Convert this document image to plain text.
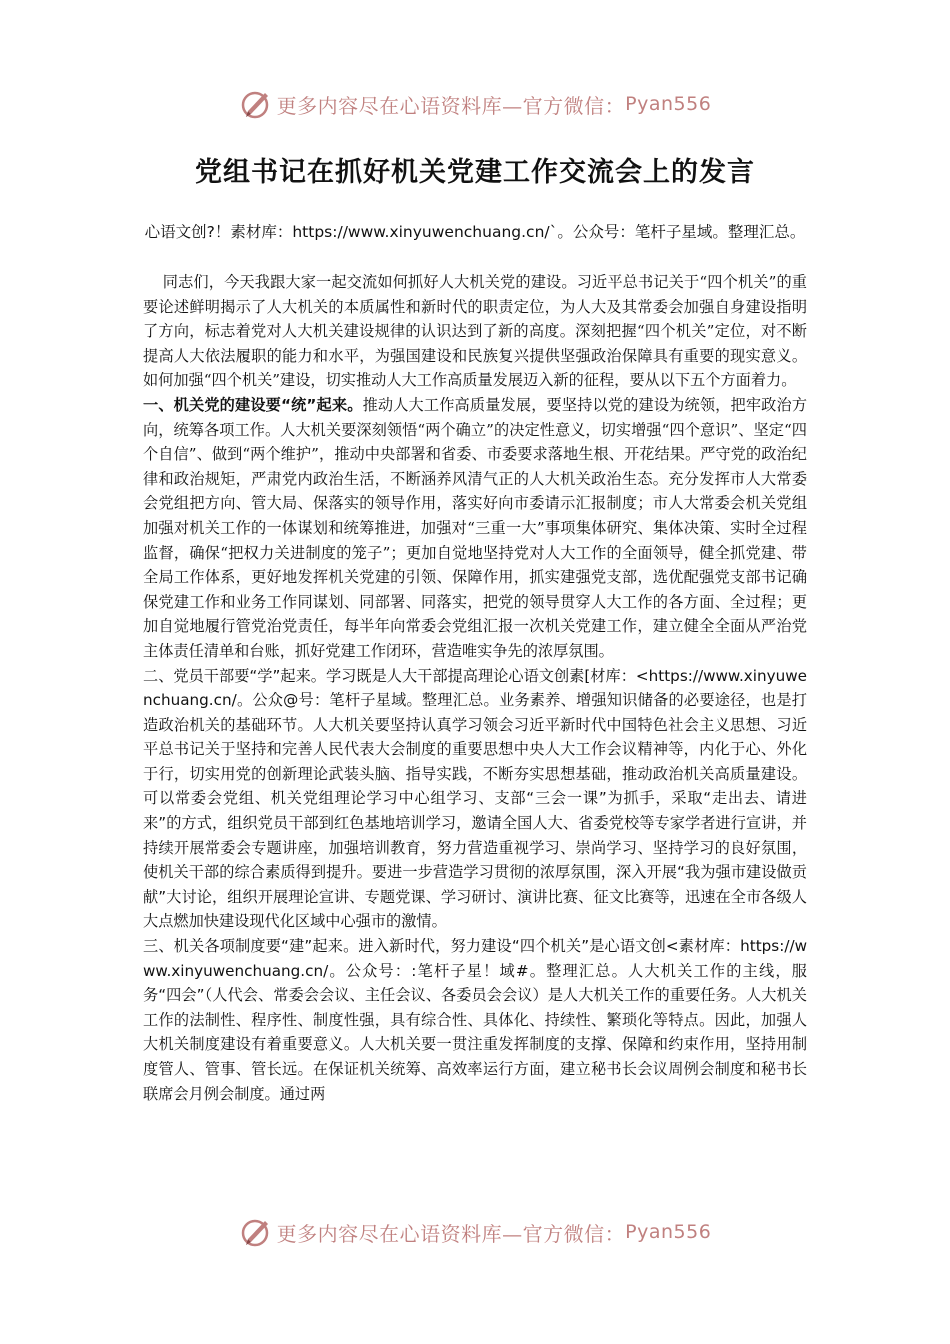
更多内容尽在心语资料库—官方微信： Pyan556
党组书记在抓好机关党建工作交流会上的发言
心语文创?！素材库：https://www.xinyuwenchuang.cn/`。公众号：笔杆子星域。整理汇总。

同志们，今天我跟大家一起交流如何抓好人大机关党的建设。习近平总书记关于“四个机关”的重要论述鲜明揭示了人大机关的本质属性和新时代的职责定位，为人大及其常委会加强自身建设指明了方向，标志着党对人大机关建设规律的认识达到了新的高度。深刻把握“四个机关”定位，对不断提高人大依法履职的能力和水平，为强国建设和民族复兴提供坚强政治保障具有重要的现实意义。如何加强“四个机关”建设，切实推动人大工作高质量发展迈入新的征程，要从以下五个方面着力。

一、机关党的建设要“统”起来。推动人大工作高质量发展，要坚持以党的建设为统领，把牢政治方向，统筹各项工作。人大机关要深刻领悟“两个确立”的决定性意义，切实增强“四个意识”、坚定“四个自信”、做到“两个维护”，推动中央部署和省委、市委要求落地生根、开花结果。严守党的政治纪律和政治规矩，严肃党内政治生活，不断涵养风清气正的人大机关政治生态。充分发挥市人大常委会党组把方向、管大局、保落实的领导作用，落实好向市委请示汇报制度；市人大常委会机关党组加强对机关工作的一体谋划和统筹推进，加强对“三重一大”事项集体研究、集体决策、实时全过程监督，确保“把权力关进制度的笼子”；更加自觉地坚持党对人大工作的全面领导，健全抓党建、带全局工作体系，更好地发挥机关党建的引领、保障作用，抓实建强党支部，选优配强党支部书记确保党建工作和业务工作同谋划、同部署、同落实，把党的领导贯穿人大工作的各方面、全过程；更加自觉地履行管党治党责任，每半年向常委会党组汇报一次机关党建工作，建立健全全面从严治党主体责任清单和台账，抓好党建工作闭环，营造唯实争先的浓厚氛围。

二、党员干部要“学”起来。学习既是人大干部提高理论心语文创素[材库：<https://www.xinyuwenchuang.cn/。公众@号：笔杆子星域。整理汇总。业务素养、增强知识储备的必要途径，也是打造政治机关的基础环节。人大机关要坚持认真学习领会习近平新时代中国特色社会主义思想、习近平总书记关于坚持和完善人民代表大会制度的重要思想中央人大工作会议精神等，内化于心、外化于行，切实用党的创新理论武装头脑、指导实践，不断夯实思想基础，推动政治机关高质量建设。可以常委会党组、机关党组理论学习中心组学习、支部“三会一课”为抓手，采取“走出去、请进来”的方式，组织党员干部到红色基地培训学习，邀请全国人大、省委党校等专家学者进行宣讲，并持续开展常委会专题讲座，加强培训教育，努力营造重视学习、崇尚学习、坚持学习的良好氛围，使机关干部的综合素质得到提升。要进一步营造学习贯彻的浓厚氛围，深入开展“我为强市建设做贡献”大讨论，组织开展理论宣讲、专题党课、学习研讨、演讲比赛、征文比赛等，迅速在全市各级人大点燃加快建设现代化区域中心强市的激情。

三、机关各项制度要“建”起来。进入新时代，努力建设“四个机关”是心语文创<素材库：https://www.xinyuwenchuang.cn/。公众号：:笔杆子星！域#。整理汇总。人大机关工作的主线，服务“四会”（人代会、常委会会议、主任会议、各委员会会议）是人大机关工作的重要任务。人大机关工作的法制性、程序性、制度性强，具有综合性、具体化、持续性、繁琐化等特点。因此，加强人大机关制度建设有着重要意义。人大机关要一贯注重发挥制度的支撑、保障和约束作用，坚持用制度管人、管事、管长远。在保证机关统筹、高效率运行方面，建立秘书长会议周例会制度和秘书长联席会月例会制度。通过两

更多内容尽在心语资料库—官方微信： Pyan556
